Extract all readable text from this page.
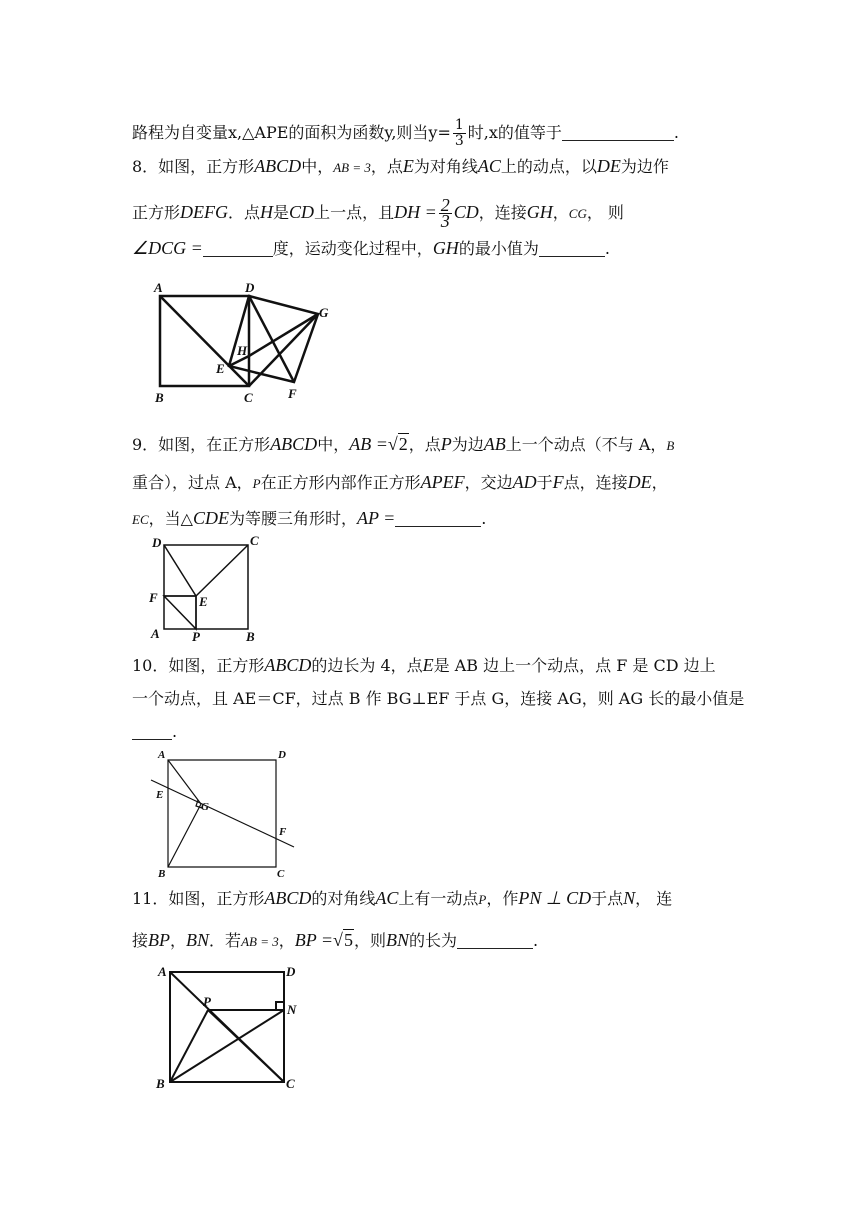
路程为自变量x,△APE的面积为函数y,则当$y= \frac{1}{3}$ 时,x的值等于	.
8．如图，正方形ABCD中，AB = 3，点E为对角线AC上的动点，以DE为边作
正方形DEFG．点H是CD上一点，且DH = $\frac{2}{3}$ CD，连接GH，CG， 则
∠DCG =	度，运动变化过程中，GH的最小值为	.
A	D
G
H
E
B	C	F
9．如图，在正方形ABCD中，AB =√2，点P为边AB上一个动点（不与 A，B
重合），过点 A，P在正方形内部作正方形APEF，交边AD于F点，连接DE，
EC，当△CDE为等腰三角形时，AP =	.
D	C
F	E
A P	B
10．如图，正方形ABCD的边长为 4，点E是 AB 边上一个动点，点 F 是 CD 边上
一个动点，且 AE＝CF，过点 B 作 BG⊥EF 于点 G，连接 AG，则 AG 长的最小值是
.
A	D
E
G
F
B	C
11．如图，正方形ABCD的对角线AC上有一动点P，作PN ⊥ CD于点N， 连
接BP，BN．若AB = 3，BP =√5，则BN的长为	.
A	D
P
N
B	C
